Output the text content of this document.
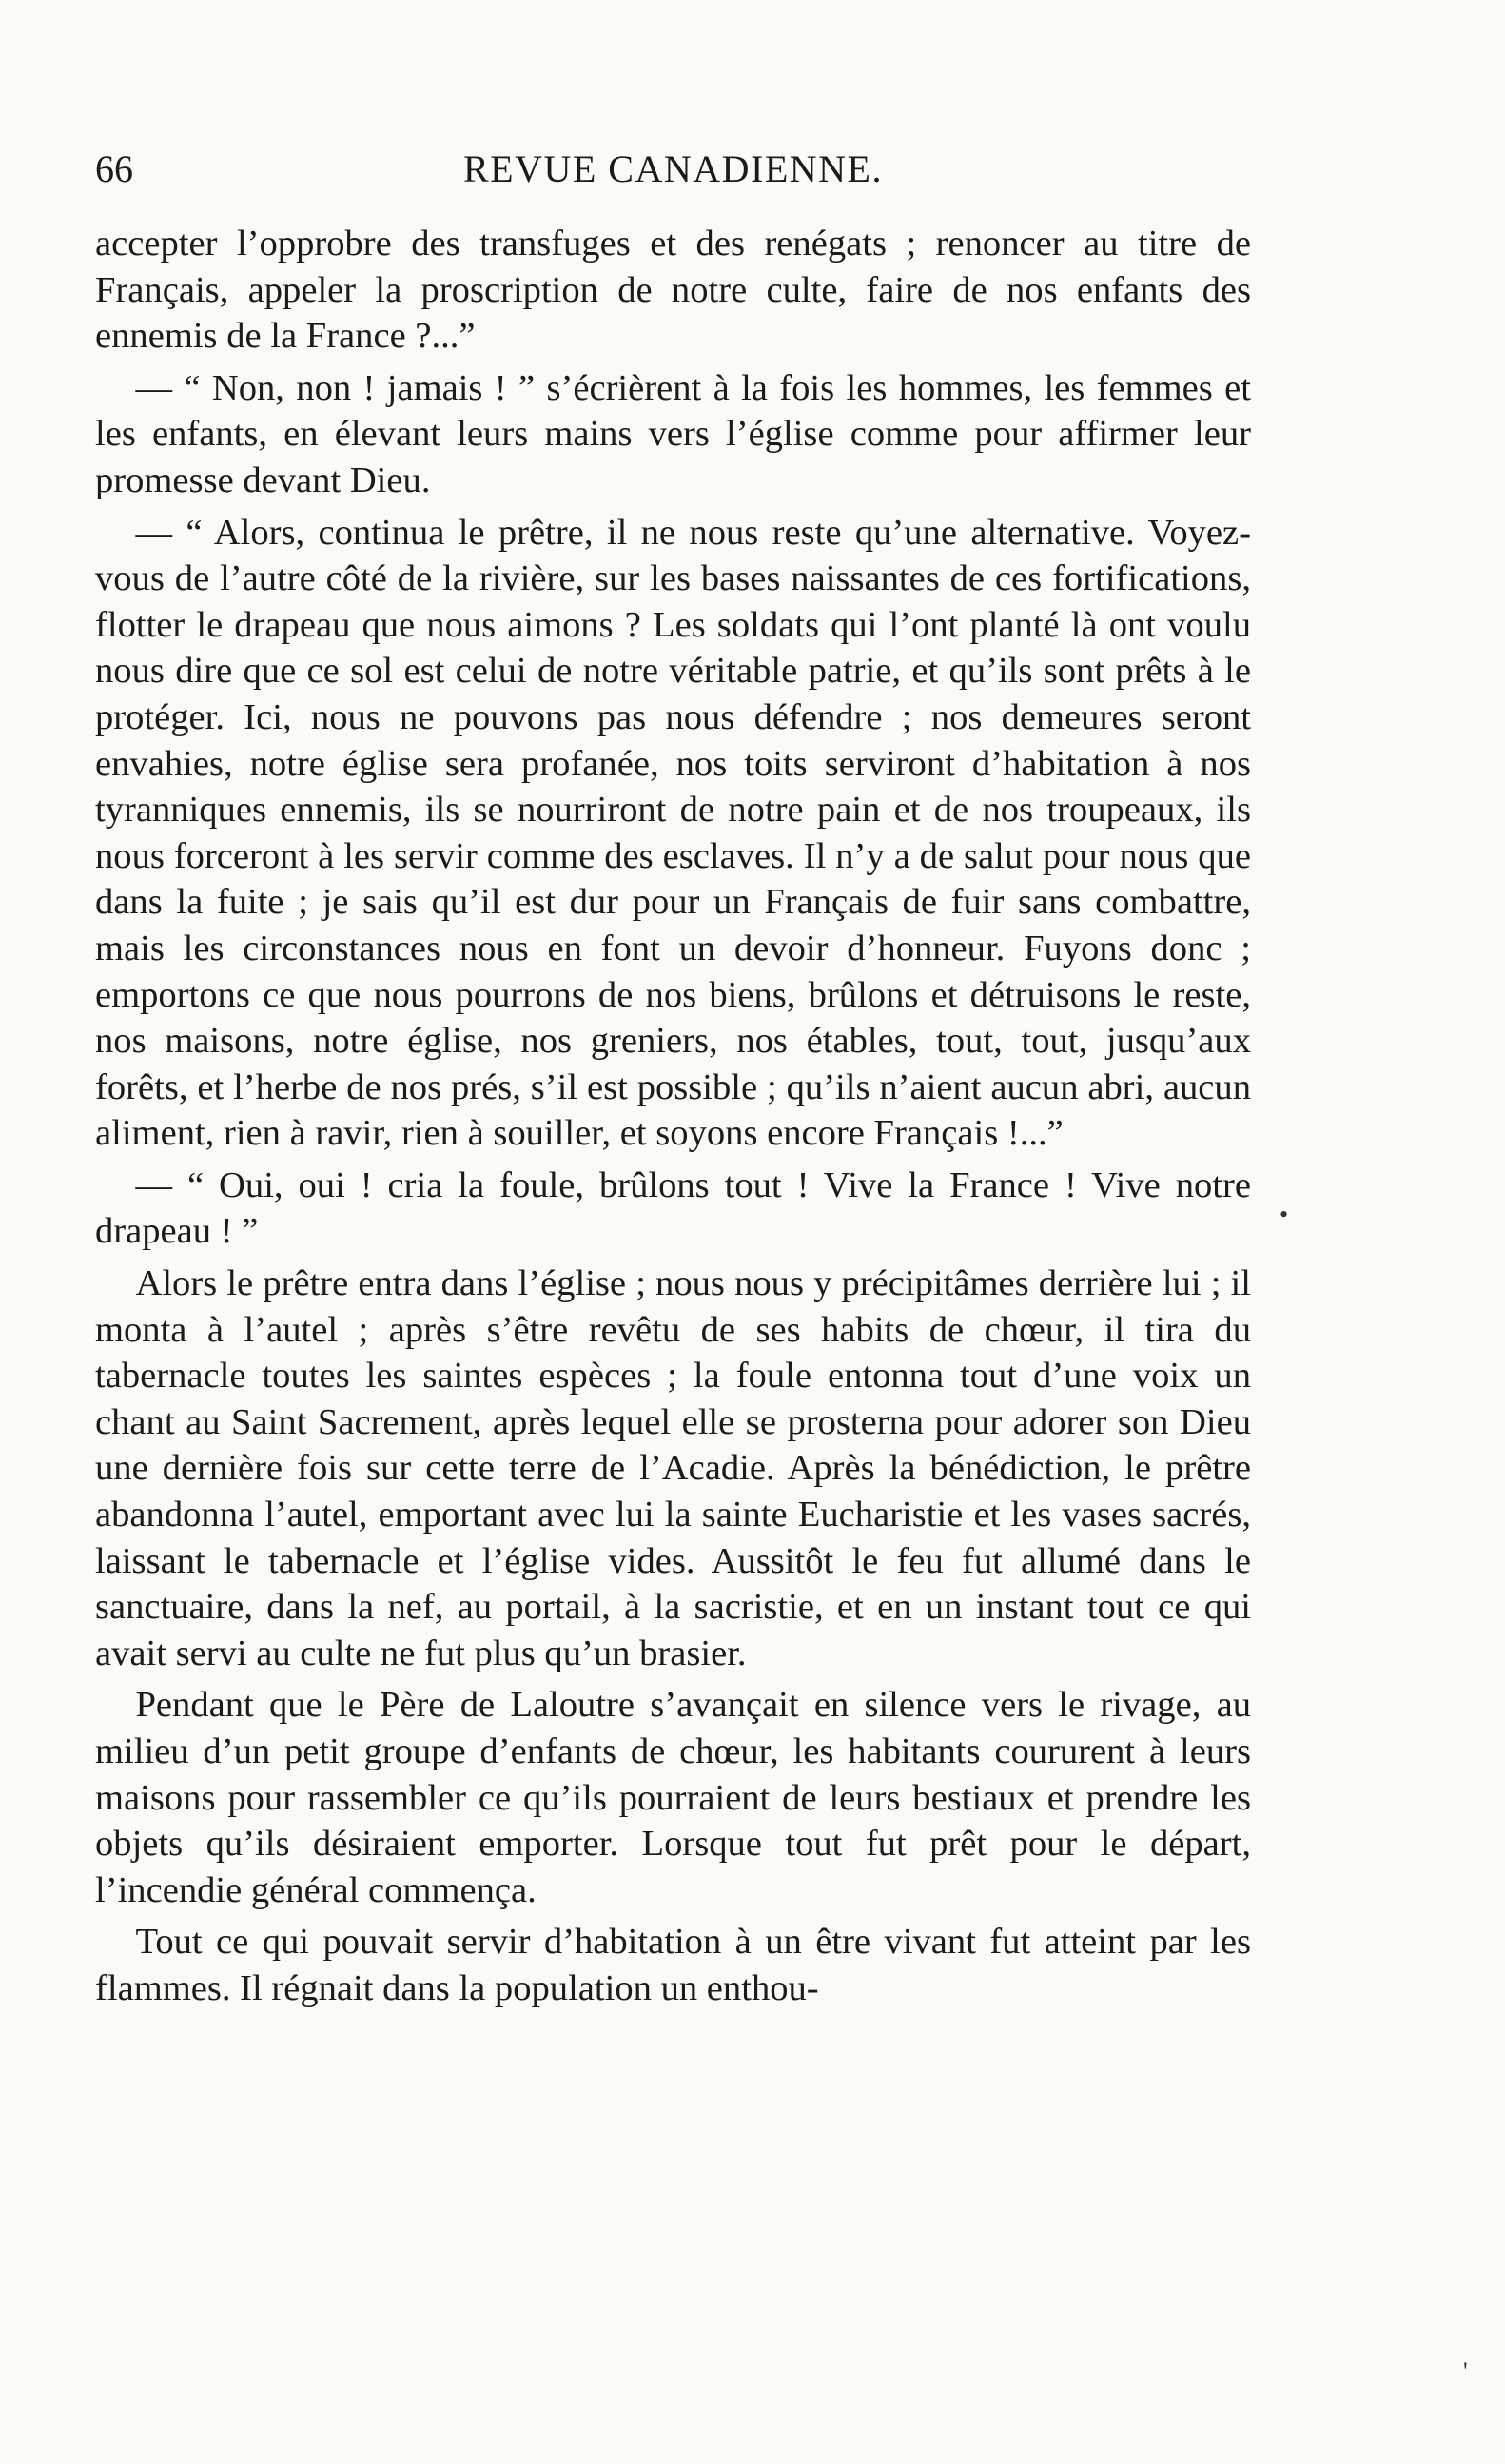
66	REVUE CANADIENNE.

accepter l’opprobre des transfuges et des renégats ; renoncer au titre de Français, appeler la proscription de notre culte, faire de nos enfants des ennemis de la France ?...”

— “ Non, non ! jamais ! ” s’écrièrent à la fois les hommes, les femmes et les enfants, en élevant leurs mains vers l’église comme pour affirmer leur promesse devant Dieu.

— “ Alors, continua le prêtre, il ne nous reste qu’une alternative. Voyez-vous de l’autre côté de la rivière, sur les bases naissantes de ces fortifications, flotter le drapeau que nous aimons ? Les soldats qui l’ont planté là ont voulu nous dire que ce sol est celui de notre véritable patrie, et qu’ils sont prêts à le protéger. Ici, nous ne pouvons pas nous défendre ; nos demeures seront envahies, notre église sera profanée, nos toits serviront d’habitation à nos tyranniques ennemis, ils se nourriront de notre pain et de nos troupeaux, ils nous forceront à les servir comme des esclaves. Il n’y a de salut pour nous que dans la fuite ; je sais qu’il est dur pour un Français de fuir sans combattre, mais les circonstances nous en font un devoir d’honneur. Fuyons donc ; emportons ce que nous pourrons de nos biens, brûlons et détruisons le reste, nos maisons, notre église, nos greniers, nos étables, tout, tout, jusqu’aux forêts, et l’herbe de nos prés, s’il est possible ; qu’ils n’aient aucun abri, aucun aliment, rien à ravir, rien à souiller, et soyons encore Français !...”

— “ Oui, oui ! cria la foule, brûlons tout ! Vive la France ! Vive notre drapeau ! ”

Alors le prêtre entra dans l’église ; nous nous y précipitâmes derrière lui ; il monta à l’autel ; après s’être revêtu de ses habits de chœur, il tira du tabernacle toutes les saintes espèces ; la foule entonna tout d’une voix un chant au Saint Sacrement, après lequel elle se prosterna pour adorer son Dieu une dernière fois sur cette terre de l’Acadie. Après la bénédiction, le prêtre abandonna l’autel, emportant avec lui la sainte Eucharistie et les vases sacrés, laissant le tabernacle et l’église vides. Aussitôt le feu fut allumé dans le sanctuaire, dans la nef, au portail, à la sacristie, et en un instant tout ce qui avait servi au culte ne fut plus qu’un brasier.

Pendant que le Père de Laloutre s’avançait en silence vers le rivage, au milieu d’un petit groupe d’enfants de chœur, les habitants coururent à leurs maisons pour rassembler ce qu’ils pourraient de leurs bestiaux et prendre les objets qu’ils désiraient emporter. Lorsque tout fut prêt pour le départ, l’incendie général commença.

Tout ce qui pouvait servir d’habitation à un être vivant fut atteint par les flammes. Il régnait dans la population un enthou-

•
'
